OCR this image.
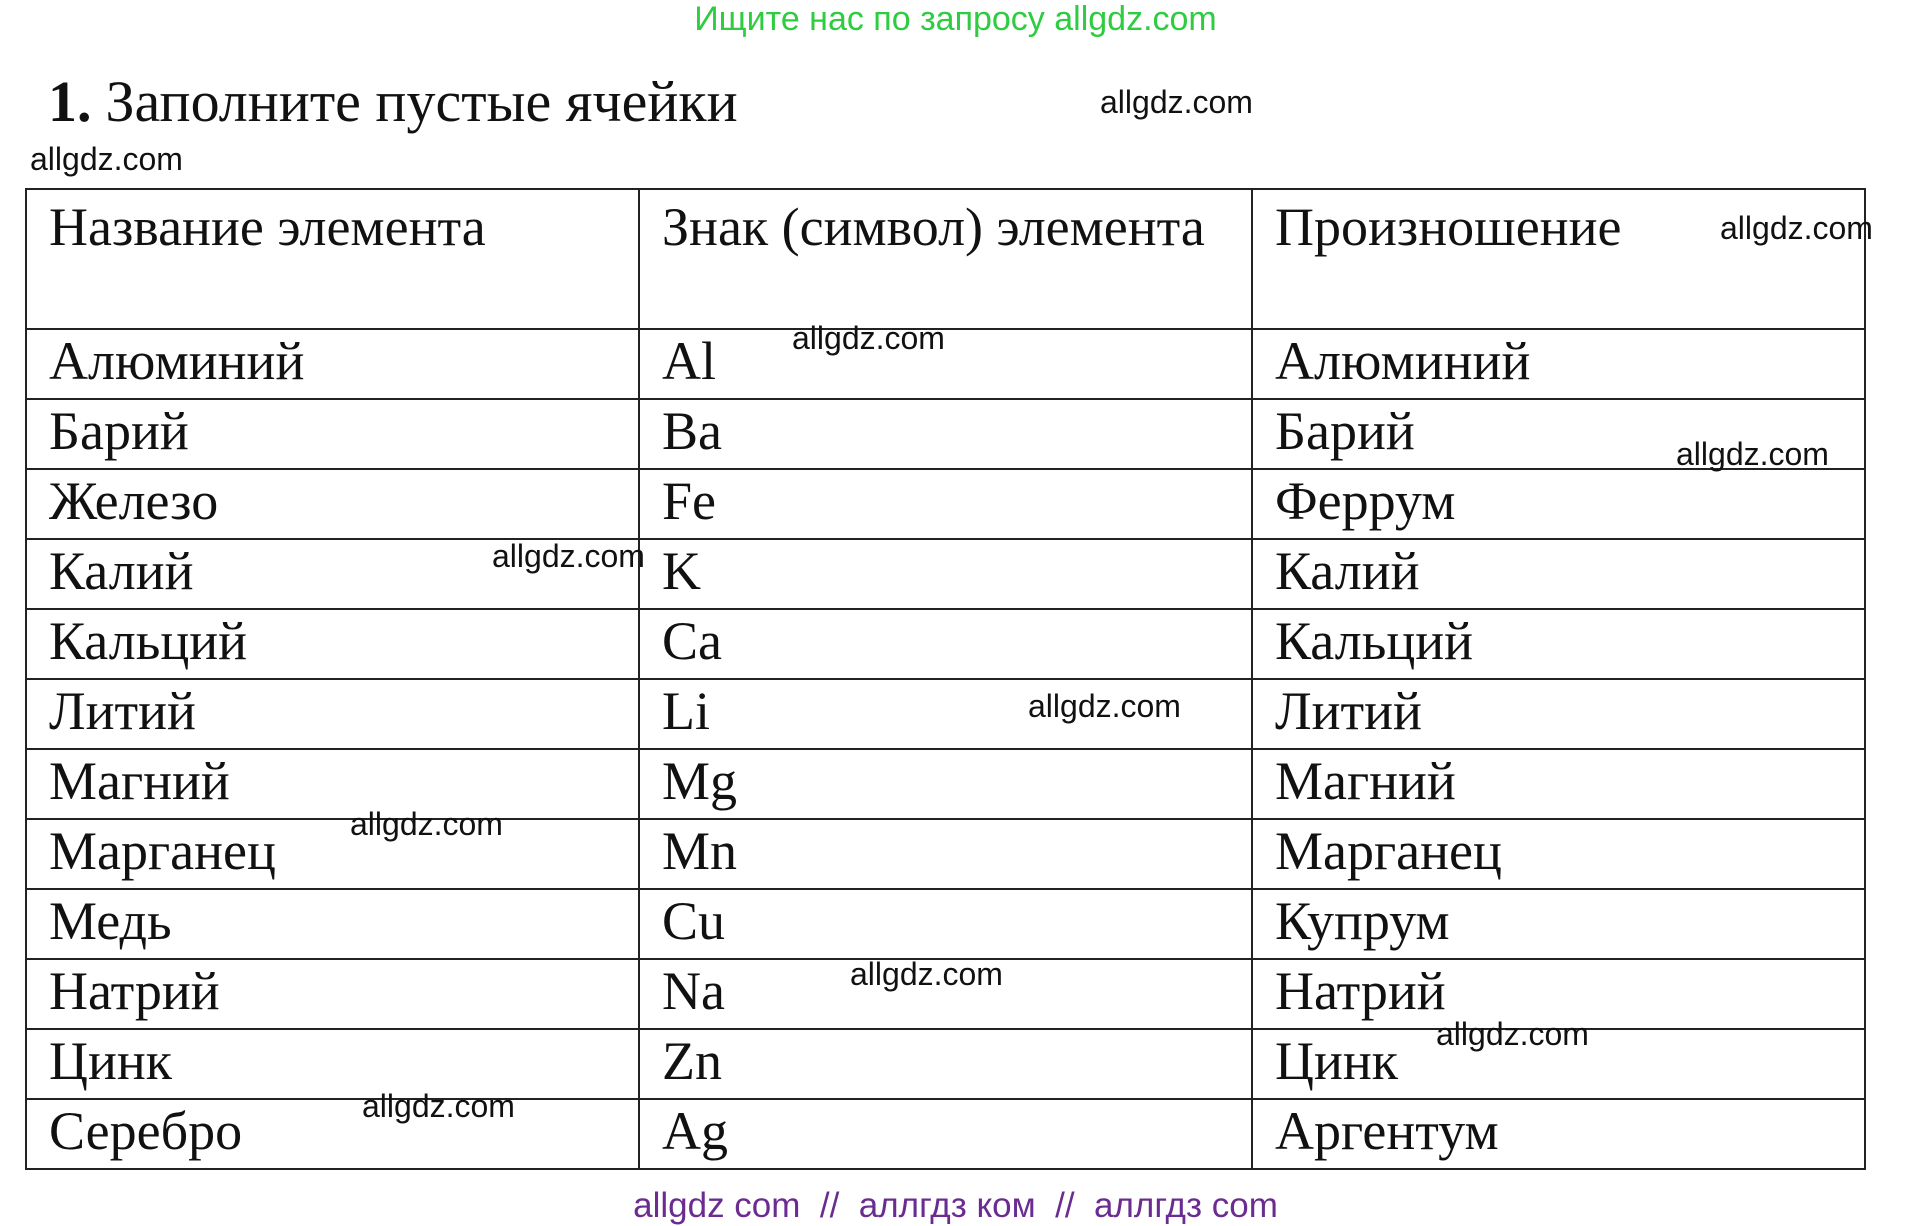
Ищите нас по запросу allgdz.com
1. Заполните пустые ячейки
Название элемента	Знак (символ) элемента	Произношение
Алюминий	Al	Алюминий
Барий	Ba	Барий
Железо	Fe	Феррум
Калий	K	Калий
Кальций	Ca	Кальций
Литий	Li	Литий
Магний	Mg	Магний
Марганец	Mn	Марганец
Медь	Cu	Купрум
Натрий	Na	Натрий
Цинк	Zn	Цинк
Серебро	Ag	Аргентум
allgdz.com
allgdz.com
allgdz.com
allgdz.com
allgdz.com
allgdz.com
allgdz.com
allgdz.com
allgdz.com
allgdz.com
allgdz.com
allgdz com  //  аллгдз ком  //  аллгдз com
